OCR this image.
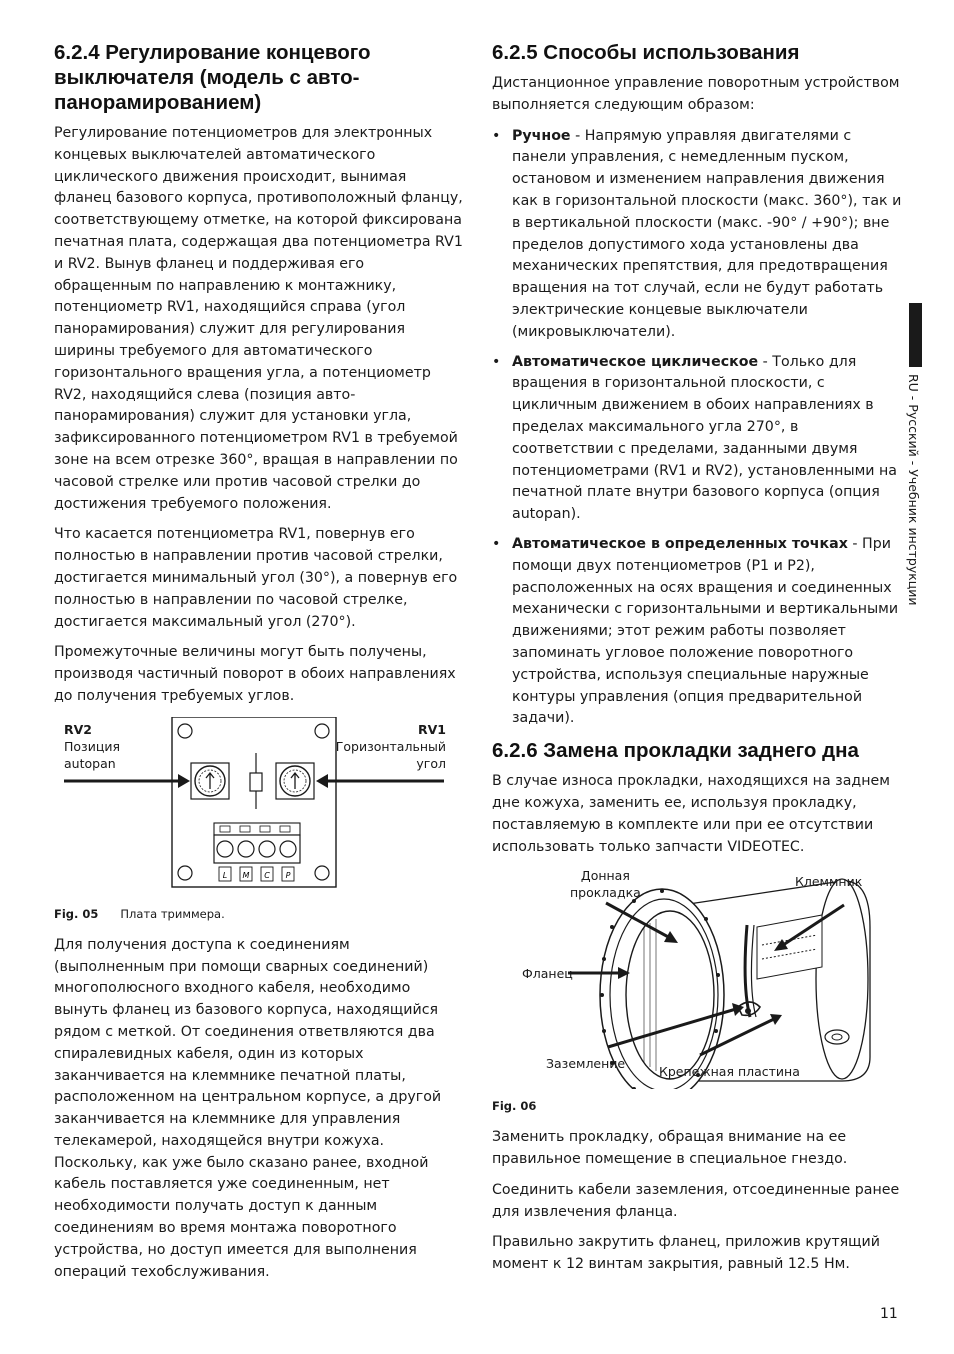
6.2.4 Регулирование концевого выключателя (модель с авто-панорамированием)

Регулирование потенциометров для электронных концевых выключателей автоматического циклического движения происходит, вынимая фланец базового корпуса, противоположный фланцу, соответствующему отметке, на которой фиксирована печатная плата, содержащая два потенциометра RV1 и RV2. Вынув фланец и поддерживая его обращенным по направлению к монтажнику, потенциометр RV1, находящийся справа (угол панорамирования) служит для регулирования ширины требуемого для автоматического горизонтального вращения угла, а потенциометр RV2, находящийся слева (позиция авто-панорамирования) служит для установки угла, зафиксированного потенциометром RV1 в требуемой зоне на всем отрезке 360°, вращая в направлении по часовой стрелке или против часовой стрелки до достижения требуемого положения.

Что касается потенциометра RV1, повернув его полностью в направлении против часовой стрелки, достигается минимальный угол (30°), а повернув его полностью в направлении по часовой стрелке, достигается максимальный угол (270°).

Промежуточные величины могут быть получены, производя частичный поворот в обоих направлениях до получения требуемых углов.

RV2
Позиция
autopan
RV1
Горизонтальный
угол
L M C P
Fig. 05 Плата триммера.

Для получения доступа к соединениям (выполненным при помощи сварных соединений) многополюсного входного кабеля, необходимо вынуть фланец из базового корпуса, находящийся рядом с меткой. От соединения ответвляются два спиралевидных кабеля, один из которых заканчивается на клеммнике печатной платы, расположенном на центральном корпусе, а другой заканчивается на клеммнике для управления телекамерой, находящейся внутри кожуха. Поскольку, как уже было сказано ранее, входной кабель поставляется уже соединенным, нет необходимости получать доступ к данным соединениям во время монтажа поворотного устройства, но доступ имеется для выполнения операций техобслуживания.

6.2.5 Способы использования

Дистанционное управление поворотным устройством выполняется следующим образом:

• Ручное - Напрямую управляя двигателями с панели управления, с немедленным пуском, остановом и изменением направления движения как в горизонтальной плоскости (макс. 360°), так и в вертикальной плоскости (макс. -90° / +90°); вне пределов допустимого хода установлены два механических препятствия, для предотвращения вращения на тот случай, если не будут работать электрические концевые выключатели (микровыключатели).
• Автоматическое циклическое - Только для вращения в горизонтальной плоскости, с цикличным движением в обоих направлениях в пределах максимального угла 270°, в соответствии с пределами, заданными двумя потенциометрами (RV1 и RV2), установленными на печатной плате внутри базового корпуса (опция autopan).
• Автоматическое в определенных точках - При помощи двух потенциометров (P1 и P2), расположенных на осях вращения и соединенных механически с горизонтальными и вертикальными движениями; этот режим работы позволяет запоминать угловое положение поворотного устройства, используя специальные наружные контуры управления (опция предварительной задачи).
6.2.6 Замена прокладки заднего дна

В случае износа прокладки, находящихся на заднем дне кожуха, заменить ее, используя прокладку, поставляемую в комплекте или при ее отсутствии использовать только запчасти VIDEOTEC.

Донная
прокладка
Клеммник
Фланец
Заземление
Крепежная пластина
Fig. 06

Заменить прокладку, обращая внимание на ее правильное помещение в специальное гнездо.

Соединить кабели заземления, отсоединенные ранее для извлечения фланца.

Правильно закрутить фланец, приложив крутящий момент к 12 винтам закрытия, равный 12.5 Нм.

RU - Русский - Учебник инструкции
11
